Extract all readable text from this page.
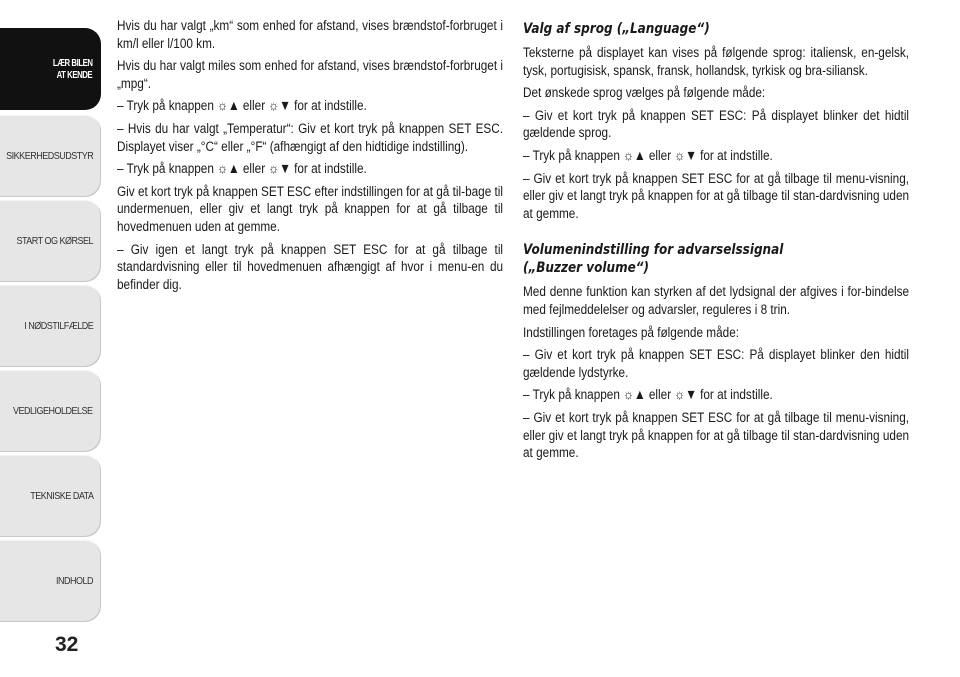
LÆR BILEN
AT KENDE
SIKKERHEDSUDSTYR
START OG KØRSEL
I NØDSTILFÆLDE
VEDLIGEHOLDELSE
TEKNISKE DATA
INDHOLD
32

Hvis du har valgt „km“ som enhed for afstand, vises brændstof-forbruget i km/l eller l/100 km.

Hvis du har valgt miles som enhed for afstand, vises brændstof-forbruget i „mpg“.

– Tryk på knappen ☼▲ eller ☼▼ for at indstille.

– Hvis du har valgt „Temperatur“: Giv et kort tryk på knappen SET ESC. Displayet viser „°C“ eller „°F“ (afhængigt af den hidtidige indstilling).

– Tryk på knappen ☼▲ eller ☼▼ for at indstille.

Giv et kort tryk på knappen SET ESC efter indstillingen for at gå til-bage til undermenuen, eller giv et langt tryk på knappen for at gå tilbage til hovedmenuen uden at gemme.

– Giv igen et langt tryk på knappen SET ESC for at gå tilbage til standardvisning eller til hovedmenuen afhængigt af hvor i menu-en du befinder dig.

Valg af sprog („Language“)

Teksterne på displayet kan vises på følgende sprog: italiensk, en-gelsk, tysk, portugisisk, spansk, fransk, hollandsk, tyrkisk og bra-siliansk.

Det ønskede sprog vælges på følgende måde:

– Giv et kort tryk på knappen SET ESC: På displayet blinker det hidtil gældende sprog.

– Tryk på knappen ☼▲ eller ☼▼ for at indstille.

– Giv et kort tryk på knappen SET ESC for at gå tilbage til menu-visning, eller giv et langt tryk på knappen for at gå tilbage til stan-dardvisning uden at gemme.

Volumenindstilling for advarselssignal
(„Buzzer volume“)

Med denne funktion kan styrken af det lydsignal der afgives i for-bindelse med fejlmeddelelser og advarsler, reguleres i 8 trin.

Indstillingen foretages på følgende måde:

– Giv et kort tryk på knappen SET ESC: På displayet blinker den hidtil gældende lydstyrke.

– Tryk på knappen ☼▲ eller ☼▼ for at indstille.

– Giv et kort tryk på knappen SET ESC for at gå tilbage til menu-visning, eller giv et langt tryk på knappen for at gå tilbage til stan-dardvisning uden at gemme.
